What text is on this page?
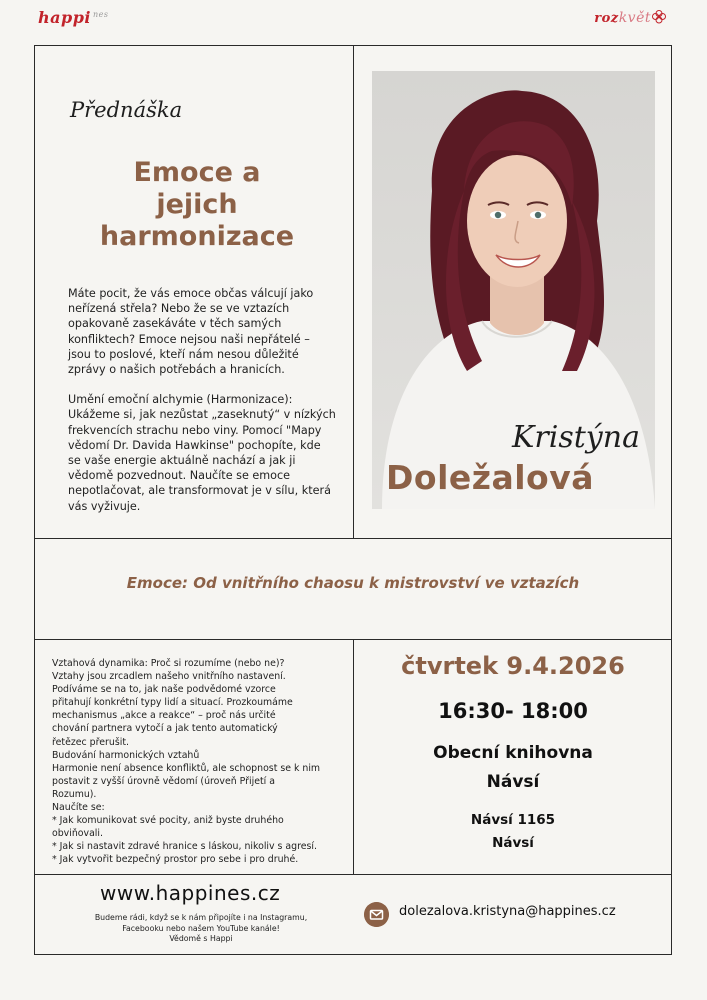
happi $^{nes}$	rozkvět
Přednáška
Emoce a
jejich
harmonizace

Máte pocit, že vás emoce občas válcují jako neřízená střela? Nebo že se ve vztazích opakovaně zasekáváte v těch samých konfliktech? Emoce nejsou naši nepřátelé – jsou to poslové, kteří nám nesou důležité zprávy o našich potřebách a hranicích.

Umění emoční alchymie (Harmonizace): Ukážeme si, jak nezůstat „zaseknutý“ v nízkých frekvencích strachu nebo viny. Pomocí "Mapy vědomí Dr. Davida Hawkinse" pochopíte, kde se vaše energie aktuálně nachází a jak ji vědomě pozvednout. Naučíte se emoce nepotlačovat, ale transformovat je v sílu, která vás vyživuje.

Kristýna
Doležalová
Emoce: Od vnitřního chaosu k mistrovství ve vztazích
Vztahová dynamika: Proč si rozumíme (nebo ne)?
Vztahy jsou zrcadlem našeho vnitřního nastavení.
Podíváme se na to, jak naše podvědomé vzorce
přitahují konkrétní typy lidí a situací. Prozkoumáme
mechanismus „akce a reakce“ – proč nás určité
chování partnera vytočí a jak tento automatický
řetězec přerušit.
Budování harmonických vztahů
Harmonie není absence konfliktů, ale schopnost se k nim
postavit z vyšší úrovně vědomí (úroveň Přijetí a
Rozumu).
Naučíte se:
* Jak komunikovat své pocity, aniž byste druhého
obviňovali.
* Jak si nastavit zdravé hranice s láskou, nikoliv s agresí.
* Jak vytvořit bezpečný prostor pro sebe i pro druhé.
čtvrtek 9.4.2026
16:30- 18:00
Obecní knihovna
Návsí
Návsí 1165
Návsí
www.happines.cz
Budeme rádi, když se k nám připojíte i na Instagramu,
Facebooku nebo našem YouTube kanále!
Vědomě s Happi
dolezalova.kristyna@happines.cz
